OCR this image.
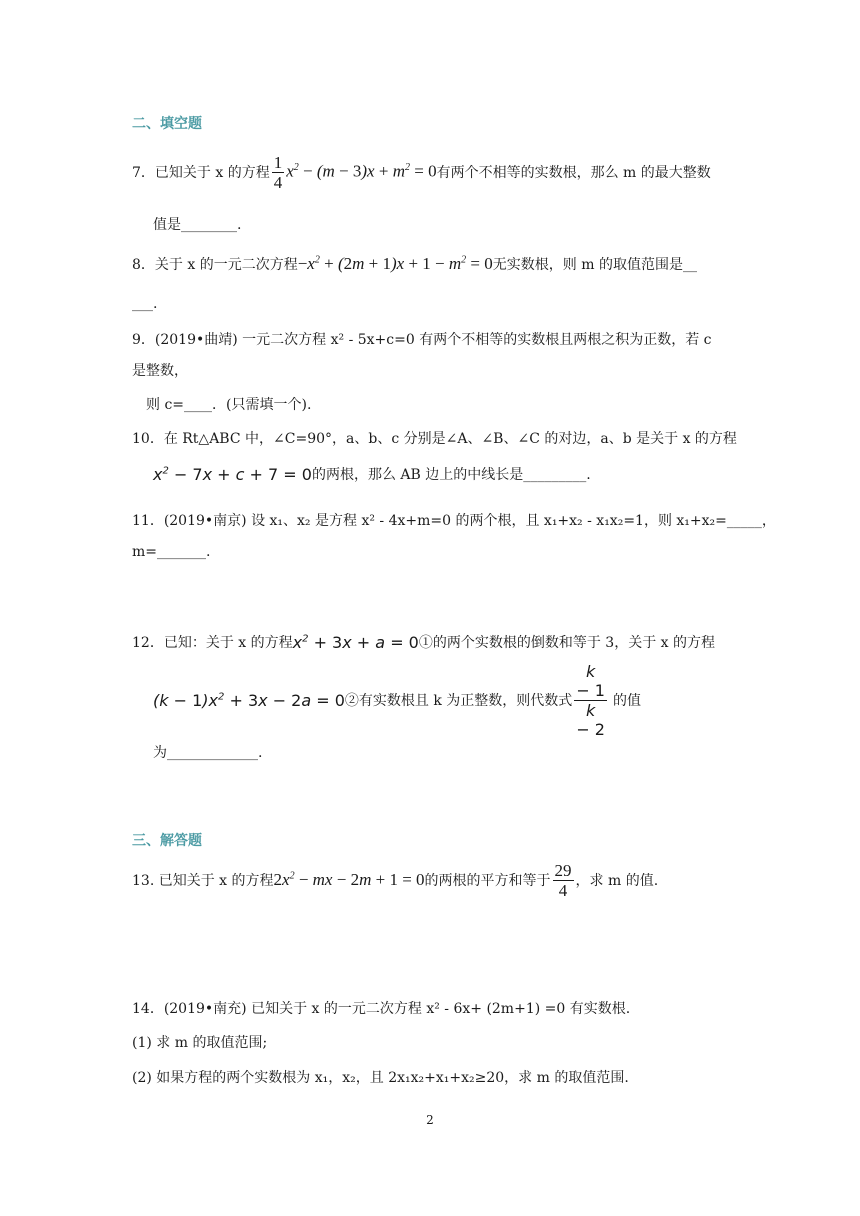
二、填空题
7．已知关于 x 的方程 $\frac{1}{4} x^2 - (m - 3)x + m^2 = 0$ 有两个不相等的实数根，那么 m 的最大整数
值是________.
8．关于 x 的一元二次方程 $-x^2 + (2m + 1)x + 1 - m^2 = 0$ 无实数根，则 m 的取值范围是__
___.
9．(2019•曲靖) 一元二次方程 x² - 5x+c=0 有两个不相等的实数根且两根之积为正数，若 c
是整数，
则 c=____．(只需填一个).
10．在 Rt△ABC 中，∠C=90°，a、b、c 分别是∠A、∠B、∠C 的对边，a、b 是关于 x 的方程
$x^2 - 7x + c + 7 = 0$ 的两根，那么 AB 边上的中线长是_________.
11．(2019•南京) 设 x₁、x₂ 是方程 x² - 4x+m=0 的两个根，且 x₁+x₂ - x₁x₂=1，则 x₁+x₂=_____，
m=_______.
12．已知：关于 x 的方程 $x^2 + 3x + a = 0$ ①的两个实数根的倒数和等于 3，关于 x 的方程
$(k - 1)x^2 + 3x - 2a = 0$ ②有实数根且 k 为正整数，则代数式 k
− 1
k
− 2 的值
为_____________.
三、解答题
13. 已知关于 x 的方程 $2x^2$ − mx − 2m + 1 = 0 的两根的平方和等于 $\frac{29}{4}$ ，求 m 的值.
14．(2019•南充) 已知关于 x 的一元二次方程 x² - 6x+ (2m+1) =0 有实数根.
(1) 求 m 的取值范围;
(2) 如果方程的两个实数根为 x₁，x₂，且 2x₁x₂+x₁+x₂≥20，求 m 的取值范围.
2
